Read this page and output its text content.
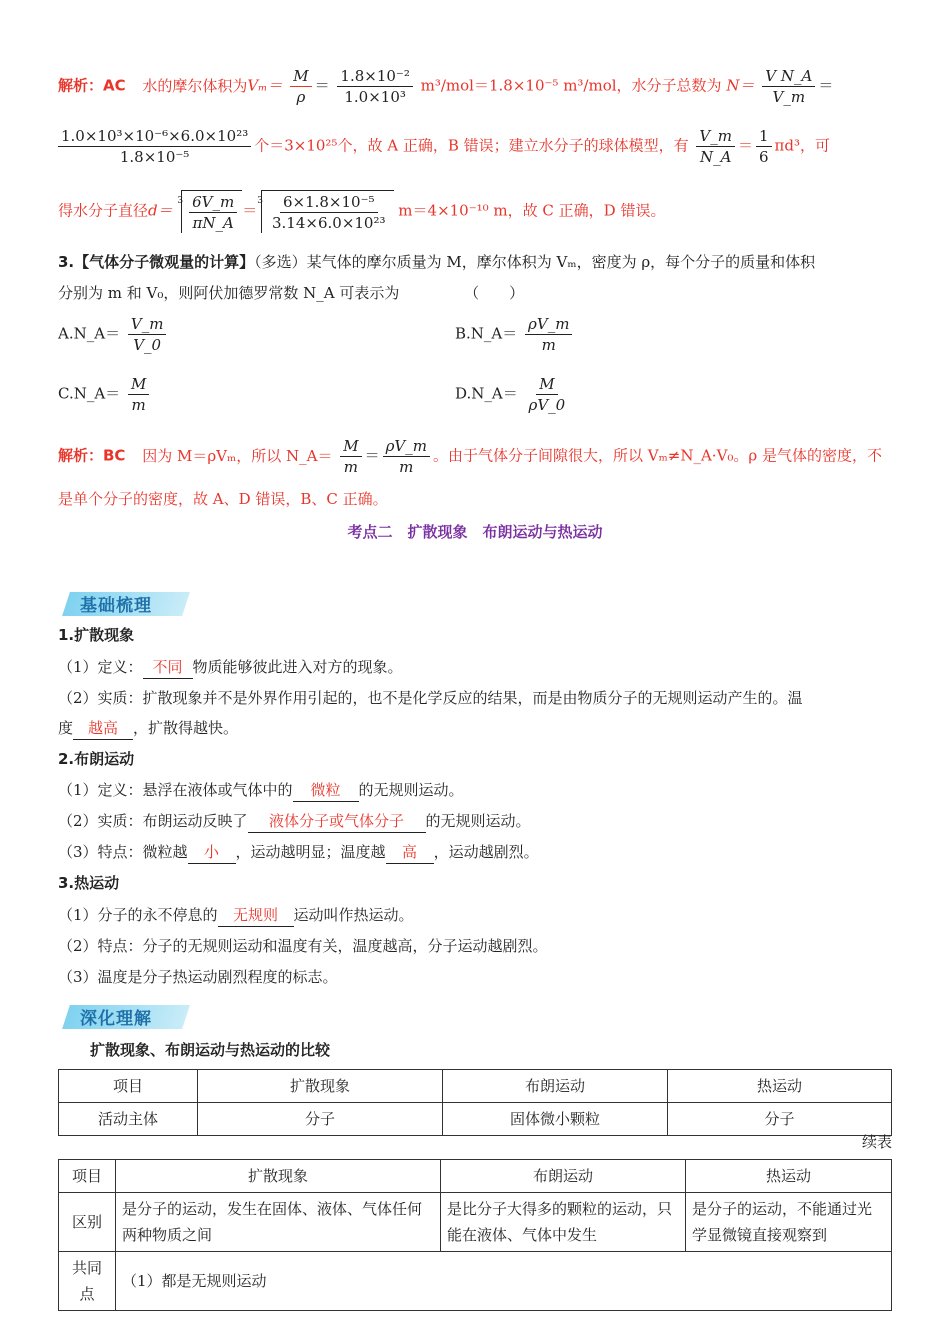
解析：AC 水的摩尔体积为$V_m= \frac{M}{\rho} = \frac{\text{1.8×10⁻²}}{\text{1.0×10³}} m^3/mol=1.8\times 10^{-5}$ m³/mol，水分子总数为 $N= \frac{\text{V N\_A}}{V\_m}$ ＝
$\frac{\text{1.0×10³×10⁻⁶×6.0×10²³}}{\text{1.8×10⁻⁵}}$ 个＝3×10²⁵个，故 A 正确，B 错误；建立水分子的球体模型，有 $\frac{V\_m}{N\_A} = \frac{1}{6} \pi d^3$，可
得水分子直径d＝
$3 \frac{6V\_m}{\pi N\_A}$ ＝
$3 \frac{\text{6×1.8×10⁻⁵}}{\text{3.14×6.0×10²³}} m=4\times 10^{-10}$ m，故 C 正确，D 错误。
3.【气体分子微观量的计算】（多选）某气体的摩尔质量为 M，摩尔体积为 Vₘ，密度为 ρ，每个分子的质量和体积
分别为 m 和 V₀，则阿伏加德罗常数 N_A 可表示为	（　　）
A.N_A＝ $\frac{V\_m}{V\_0}$	B.N_A＝ $\frac{\rho V\_m}{m}$
C.N_A＝ $\frac{M}{m}$	D.N_A＝ $\frac{M}{\rho V\_0}$
解析：BC 因为 M＝ρVₘ，所以 N_A＝ $\frac{M}{m} = \frac{\rho V\_m}{m}$ 。由于气体分子间隙很大，所以 Vₘ≠N_A·V₀。ρ 是气体的密度，不
是单个分子的密度，故 A、D 错误，B、C 正确。
考点二　扩散现象　布朗运动与热运动
基础梳理
1.扩散现象
（1）定义： 不同 物质能够彼此进入对方的现象。
（2）实质：扩散现象并不是外界作用引起的，也不是化学反应的结果，而是由物质分子的无规则运动产生的。温
度 越高 ，扩散得越快。
2.布朗运动
（1）定义：悬浮在液体或气体中的 微粒 的无规则运动。
（2）实质：布朗运动反映了 液体分子或气体分子 的无规则运动。
（3）特点：微粒越 小 ，运动越明显；温度越 高 ，运动越剧烈。
3.热运动
（1）分子的永不停息的 无规则 运动叫作热运动。
（2）特点：分子的无规则运动和温度有关，温度越高，分子运动越剧烈。
（3）温度是分子热运动剧烈程度的标志。
深化理解
扩散现象、布朗运动与热运动的比较
项目	扩散现象	布朗运动	热运动
活动主体	分子	固体微小颗粒	分子
续表
项目	扩散现象	布朗运动	热运动
区别	是分子的运动，发生在固体、液体、气体任何两种物质之间	是比分子大得多的颗粒的运动，只能在液体、气体中发生	是分子的运动，不能通过光学显微镜直接观察到
共同点	（1）都是无规则运动		
